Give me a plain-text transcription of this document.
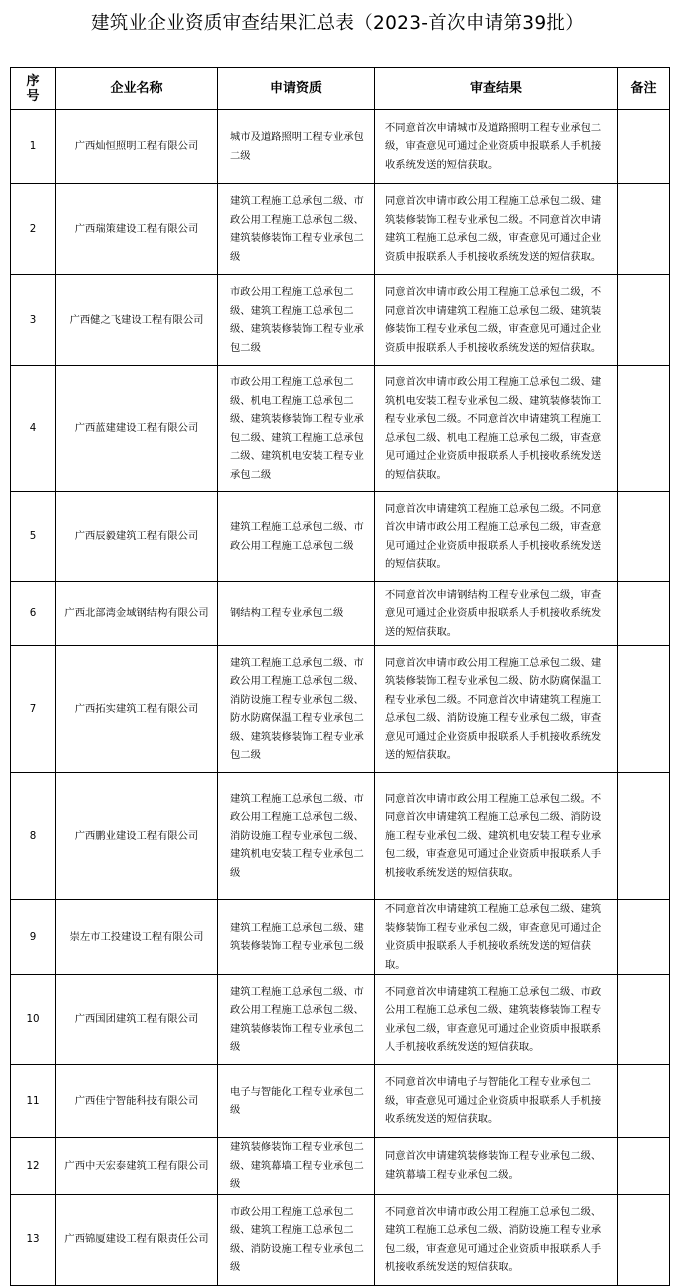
建筑业企业资质审查结果汇总表（2023-首次申请第39批）
序号	企业名称	申请资质	审查结果	备注
1	广西灿恒照明工程有限公司	城市及道路照明工程专业承包二级	不同意首次申请城市及道路照明工程专业承包二级，审查意见可通过企业资质申报联系人手机接收系统发送的短信获取。	
2	广西瑞策建设工程有限公司	建筑工程施工总承包二级、市政公用工程施工总承包二级、建筑装修装饰工程专业承包二级	同意首次申请市政公用工程施工总承包二级、建筑装修装饰工程专业承包二级。不同意首次申请建筑工程施工总承包二级，审查意见可通过企业资质申报联系人手机接收系统发送的短信获取。	
3	广西健之飞建设工程有限公司	市政公用工程施工总承包二级、建筑工程施工总承包二级、建筑装修装饰工程专业承包二级	同意首次申请市政公用工程施工总承包二级，不同意首次申请建筑工程施工总承包二级、建筑装修装饰工程专业承包二级，审查意见可通过企业资质申报联系人手机接收系统发送的短信获取。	
4	广西蓝建建设工程有限公司	市政公用工程施工总承包二级、机电工程施工总承包二级、建筑装修装饰工程专业承包二级、建筑工程施工总承包二级、建筑机电安装工程专业承包二级	同意首次申请市政公用工程施工总承包二级、建筑机电安装工程专业承包二级、建筑装修装饰工程专业承包二级。不同意首次申请建筑工程施工总承包二级、机电工程施工总承包二级，审查意见可通过企业资质申报联系人手机接收系统发送的短信获取。	
5	广西辰毅建筑工程有限公司	建筑工程施工总承包二级、市政公用工程施工总承包二级	同意首次申请建筑工程施工总承包二级。不同意首次申请市政公用工程施工总承包二级，审查意见可通过企业资质申报联系人手机接收系统发送的短信获取。	
6	广西北部湾金域钢结构有限公司	钢结构工程专业承包二级	不同意首次申请钢结构工程专业承包二级，审查意见可通过企业资质申报联系人手机接收系统发送的短信获取。	
7	广西拓实建筑工程有限公司	建筑工程施工总承包二级、市政公用工程施工总承包二级、消防设施工程专业承包二级、防水防腐保温工程专业承包二级、建筑装修装饰工程专业承包二级	同意首次申请市政公用工程施工总承包二级、建筑装修装饰工程专业承包二级、防水防腐保温工程专业承包二级。不同意首次申请建筑工程施工总承包二级、消防设施工程专业承包二级，审查意见可通过企业资质申报联系人手机接收系统发送的短信获取。	
8	广西鹏业建设工程有限公司	建筑工程施工总承包二级、市政公用工程施工总承包二级、消防设施工程专业承包二级、建筑机电安装工程专业承包二级	同意首次申请市政公用工程施工总承包二级。不同意首次申请建筑工程施工总承包二级、消防设施工程专业承包二级、建筑机电安装工程专业承包二级，审查意见可通过企业资质申报联系人手机接收系统发送的短信获取。	
9	崇左市工投建设工程有限公司	建筑工程施工总承包二级、建筑装修装饰工程专业承包二级	不同意首次申请建筑工程施工总承包二级、建筑装修装饰工程专业承包二级，审查意见可通过企业资质申报联系人手机接收系统发送的短信获取。	
10	广西国团建筑工程有限公司	建筑工程施工总承包二级、市政公用工程施工总承包二级、建筑装修装饰工程专业承包二级	不同意首次申请建筑工程施工总承包二级、市政公用工程施工总承包二级、建筑装修装饰工程专业承包二级，审查意见可通过企业资质申报联系人手机接收系统发送的短信获取。	
11	广西佳宁智能科技有限公司	电子与智能化工程专业承包二级	不同意首次申请电子与智能化工程专业承包二级，审查意见可通过企业资质申报联系人手机接收系统发送的短信获取。	
12	广西中天宏泰建筑工程有限公司	建筑装修装饰工程专业承包二级、建筑幕墙工程专业承包二级	同意首次申请建筑装修装饰工程专业承包二级、建筑幕墙工程专业承包二级。	
13	广西锦厦建设工程有限责任公司	市政公用工程施工总承包二级、建筑工程施工总承包二级、消防设施工程专业承包二级	不同意首次申请市政公用工程施工总承包二级、建筑工程施工总承包二级、消防设施工程专业承包二级，审查意见可通过企业资质申报联系人手机接收系统发送的短信获取。	
